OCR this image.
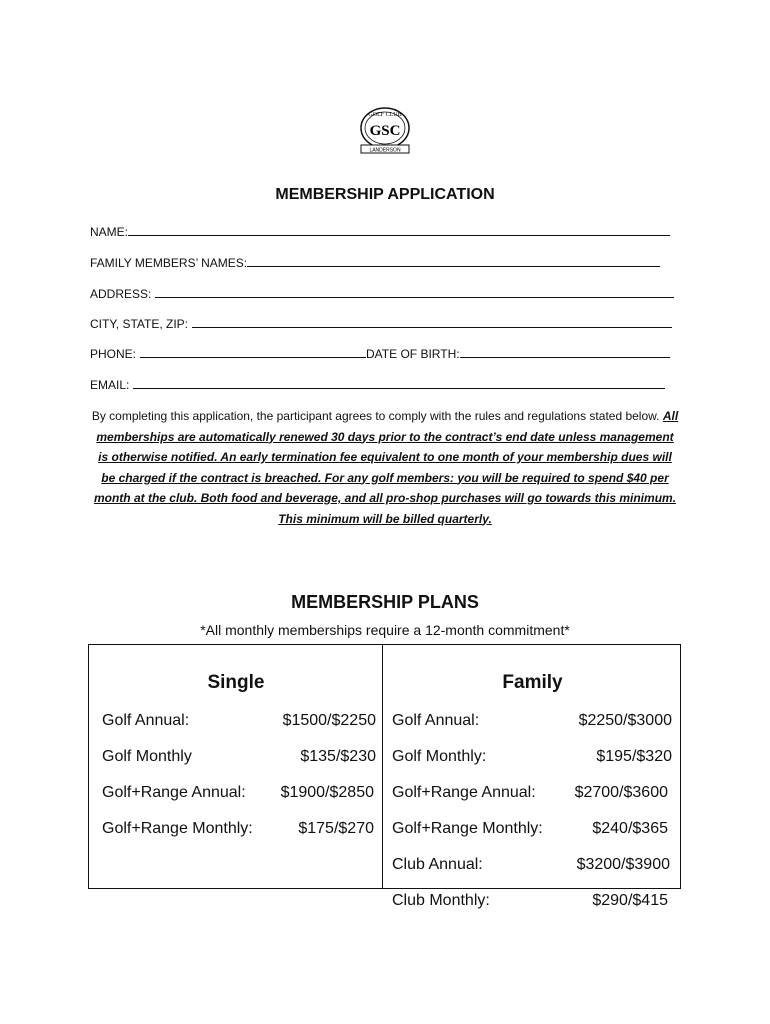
GOLF CLUB
GSC
LANDERSON
MEMBERSHIP APPLICATION
NAME:
FAMILY MEMBERS’ NAMES:
ADDRESS:
CITY, STATE, ZIP:
PHONE:	DATE OF BIRTH:
EMAIL:
By completing this application, the participant agrees to comply with the rules and regulations stated below. All memberships are automatically renewed 30 days prior to the contract’s end date unless management is otherwise notified. An early termination fee equivalent to one month of your membership dues will be charged if the contract is breached. For any golf members: you will be required to spend $40 per month at the club. Both food and beverage, and all pro-shop purchases will go towards this minimum. This minimum will be billed quarterly.
MEMBERSHIP PLANS
*All monthly memberships require a 12-month commitment*
Single
Golf Annual:	$1500/$2250
Golf Monthly	$135/$230
Golf+Range Annual: $1900/$2850
Golf+Range Monthly:	$175/$270
Family
Golf Annual:	$2250/$3000
Golf Monthly:	$195/$320
Golf+Range Annual: $2700/$3600
Golf+Range Monthly:	$240/$365
Club Annual:	$3200/$3900
Club Monthly:	$290/$415
